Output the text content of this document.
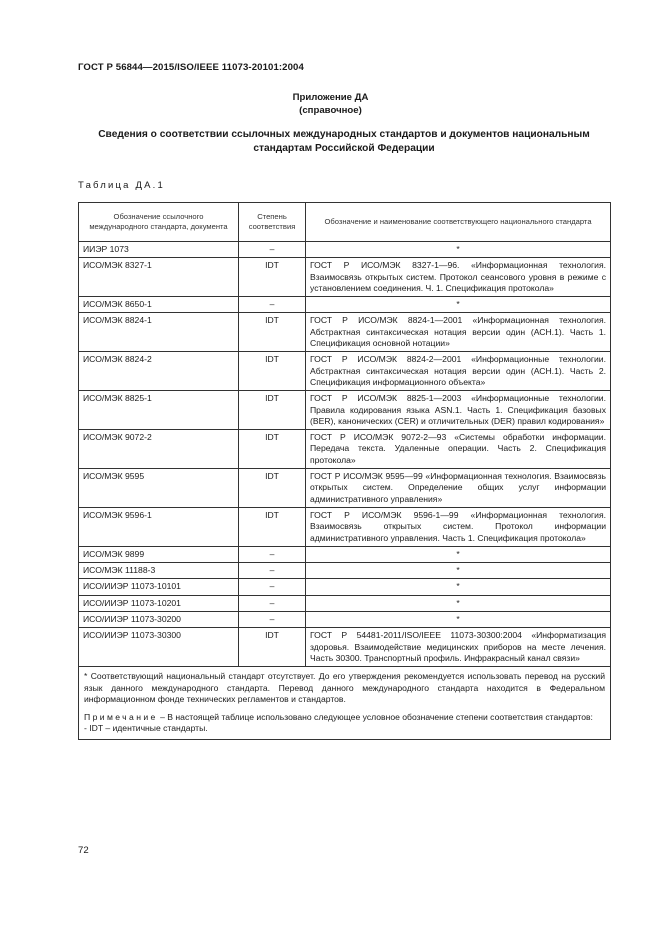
ГОСТ Р 56844—2015/ISO/IEEE 11073-20101:2004
Приложение ДА
(справочное)
Сведения о соответствии ссылочных международных стандартов и документов национальным стандартам Российской Федерации
Таблица ДА.1
Обозначение ссылочного международного стандарта, документа	Степень соответствия	Обозначение и наименование соответствующего национального стандарта
ИИЭР 1073	–	*
ИСО/МЭК 8327-1	IDT	ГОСТ Р ИСО/МЭК 8327-1—96. «Информационная технология. Взаимосвязь открытых систем. Протокол сеансового уровня в режиме с установлением соединения. Ч. 1. Спецификация протокола»
ИСО/МЭК 8650-1	–	*
ИСО/МЭК 8824-1	IDT	ГОСТ Р ИСО/МЭК 8824-1—2001 «Информационная технология. Абстрактная синтаксическая нотация версии один (АСН.1). Часть 1. Спецификация основной нотации»
ИСО/МЭК 8824-2	IDT	ГОСТ Р ИСО/МЭК 8824-2—2001 «Информационные технологии. Абстрактная синтаксическая нотация версии один (АСН.1). Часть 2. Спецификация информационного объекта»
ИСО/МЭК 8825-1	IDT	ГОСТ Р ИСО/МЭК 8825-1—2003 «Информационные технологии. Правила кодирования языка ASN.1. Часть 1. Спецификация базовых (BER), канонических (CER) и отличительных (DER) правил кодирования»
ИСО/МЭК 9072-2	IDT	ГОСТ Р ИСО/МЭК 9072-2—93 «Системы обработки информации. Передача текста. Удаленные операции. Часть 2. Спецификация протокола»
ИСО/МЭК 9595	IDT	ГОСТ Р ИСО/МЭК 9595—99 «Информационная технология. Взаимосвязь открытых систем. Определение общих услуг информации административного управления»
ИСО/МЭК 9596-1	IDT	ГОСТ Р ИСО/МЭК 9596-1—99 «Информационная технология. Взаимосвязь открытых систем. Протокол информации административного управления. Часть 1. Спецификация протокола»
ИСО/МЭК 9899	–	*
ИСО/МЭК 11188-3	–	*
ИСО/ИИЭР 11073-10101	–	*
ИСО/ИИЭР 11073-10201	–	*
ИСО/ИИЭР 11073-30200	–	*
ИСО/ИИЭР 11073-30300	IDT	ГОСТ Р 54481-2011/ISO/IEEE 11073-30300:2004 «Информатизация здоровья. Взаимодействие медицинских приборов на месте лечения. Часть 30300. Транспортный профиль. Инфракрасный канал связи»

* Соответствующий национальный стандарт отсутствует. До его утверждения рекомендуется использовать перевод на русский язык данного международного стандарта. Перевод данного международного стандарта находится в Федеральном информационном фонде технических регламентов и стандартов.
Примечание – В настоящей таблице использовано следующее условное обозначение степени соответствия стандартов:
- IDT – идентичные стандарты.		
72
